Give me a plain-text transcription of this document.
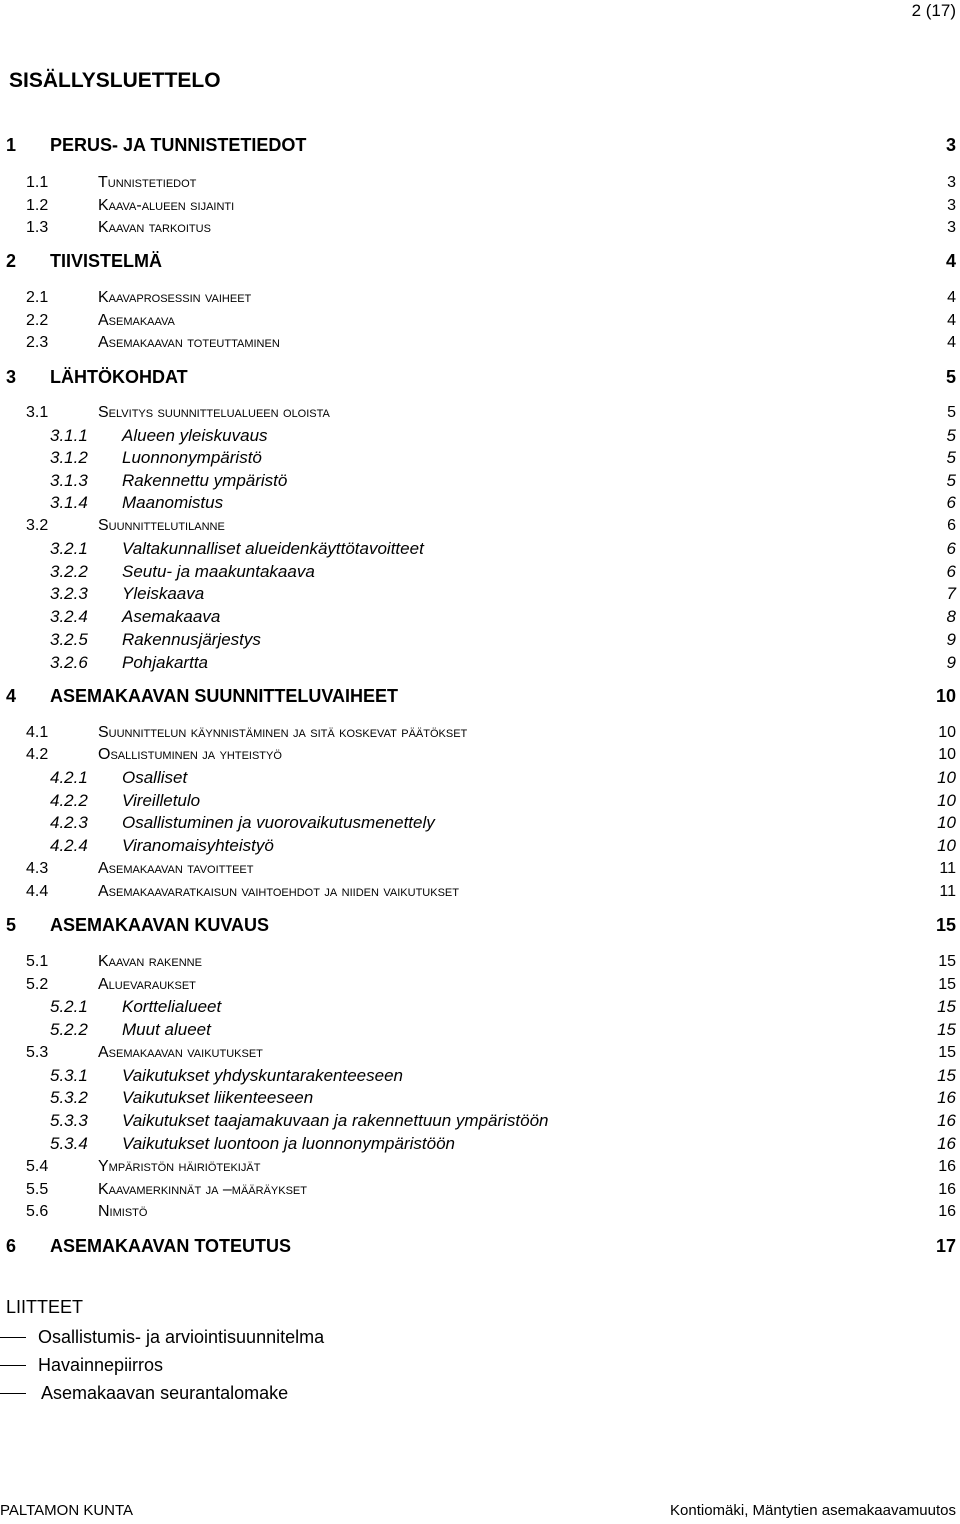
2 (17)
SISÄLLYSLUETTELO
1 PERUS- JA TUNNISTETIEDOT	3
1.1	Tunnistetiedot	3
1.2	Kaava-alueen sijainti	3
1.3	Kaavan tarkoitus	3
2 TIIVISTELMÄ	4
2.1	Kaavaprosessin vaiheet	4
2.2	Asemakaava	4
2.3	Asemakaavan toteuttaminen	4
3 LÄHTÖKOHDAT	5
3.1	Selvitys suunnittelualueen oloista	5
3.1.1 Alueen yleiskuvaus	5
3.1.2 Luonnonympäristö	5
3.1.3 Rakennettu ympäristö	5
3.1.4 Maanomistus	6
3.2	Suunnittelutilanne	6
3.2.1 Valtakunnalliset alueidenkäyttötavoitteet	6
3.2.2 Seutu- ja maakuntakaava	6
3.2.3 Yleiskaava	7
3.2.4 Asemakaava	8
3.2.5 Rakennusjärjestys	9
3.2.6 Pohjakartta	9
4 ASEMAKAAVAN SUUNNITTELUVAIHEET	10
4.1	Suunnittelun käynnistäminen ja sitä koskevat päätökset	10
4.2	Osallistuminen ja yhteistyö	10
4.2.1 Osalliset	10
4.2.2 Vireilletulo	10
4.2.3 Osallistuminen ja vuorovaikutusmenettely	10
4.2.4 Viranomaisyhteistyö	10
4.3	Asemakaavan tavoitteet	11
4.4	Asemakaavaratkaisun vaihtoehdot ja niiden vaikutukset	11
5 ASEMAKAAVAN KUVAUS	15
5.1	Kaavan rakenne	15
5.2	Aluevaraukset	15
5.2.1 Korttelialueet	15
5.2.2 Muut alueet	15
5.3	Asemakaavan vaikutukset	15
5.3.1 Vaikutukset yhdyskuntarakenteeseen	15
5.3.2 Vaikutukset liikenteeseen	16
5.3.3 Vaikutukset taajamakuvaan ja rakennettuun ympäristöön	16
5.3.4 Vaikutukset luontoon ja luonnonympäristöön	16
5.4	Ympäristön häiriötekijät	16
5.5	Kaavamerkinnät ja –määräykset	16
5.6	Nimistö	16
6 ASEMAKAAVAN TOTEUTUS	17
LIITTEET
Osallistumis- ja arviointisuunnitelma
Havainnepiirros
Asemakaavan seurantalomake
PALTAMON KUNTA	Kontiomäki, Mäntytien asemakaavamuutos
